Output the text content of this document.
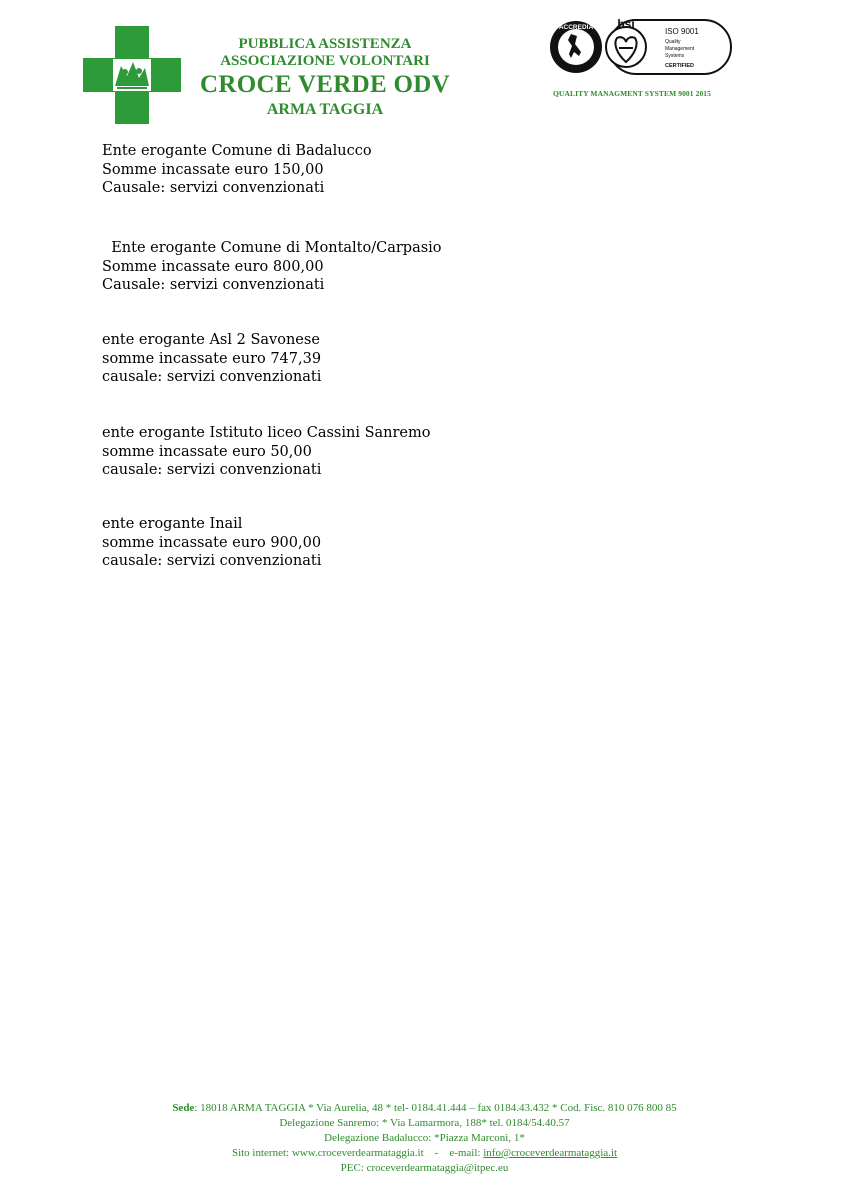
PUBBLICA ASSISTENZA
ASSOCIAZIONE VOLONTARI
CROCE VERDE ODV
ARMA TAGGIA
ACCREDIA bsi
ISO 9001
Quality
Management
Systems
CERTIFIED
QUALITY MANAGMENT SYSTEM 9001 2015
Ente erogante Comune di Badalucco
Somme incassate euro 150,00
Causale: servizi convenzionati
Ente erogante Comune di Montalto/Carpasio
Somme incassate euro 800,00
Causale: servizi convenzionati
ente erogante Asl 2 Savonese
somme incassate euro 747,39
causale: servizi convenzionati
ente erogante Istituto liceo Cassini Sanremo
somme incassate euro 50,00
causale: servizi convenzionati
ente erogante Inail
somme incassate euro 900,00
causale: servizi convenzionati
Sede: 18018 ARMA TAGGIA * Via Aurelia, 48 * tel- 0184.41.444 – fax 0184.43.432 * Cod. Fisc. 810 076 800 85
Delegazione Sanremo: * Via Lamarmora, 188* tel. 0184/54.40.57
Delegazione Badalucco: *Piazza Marconi, 1*
Sito internet: www.croceverdearmataggia.it    -    e-mail: info@croceverdearmataggia.it
PEC: croceverdearmataggia@itpec.eu
